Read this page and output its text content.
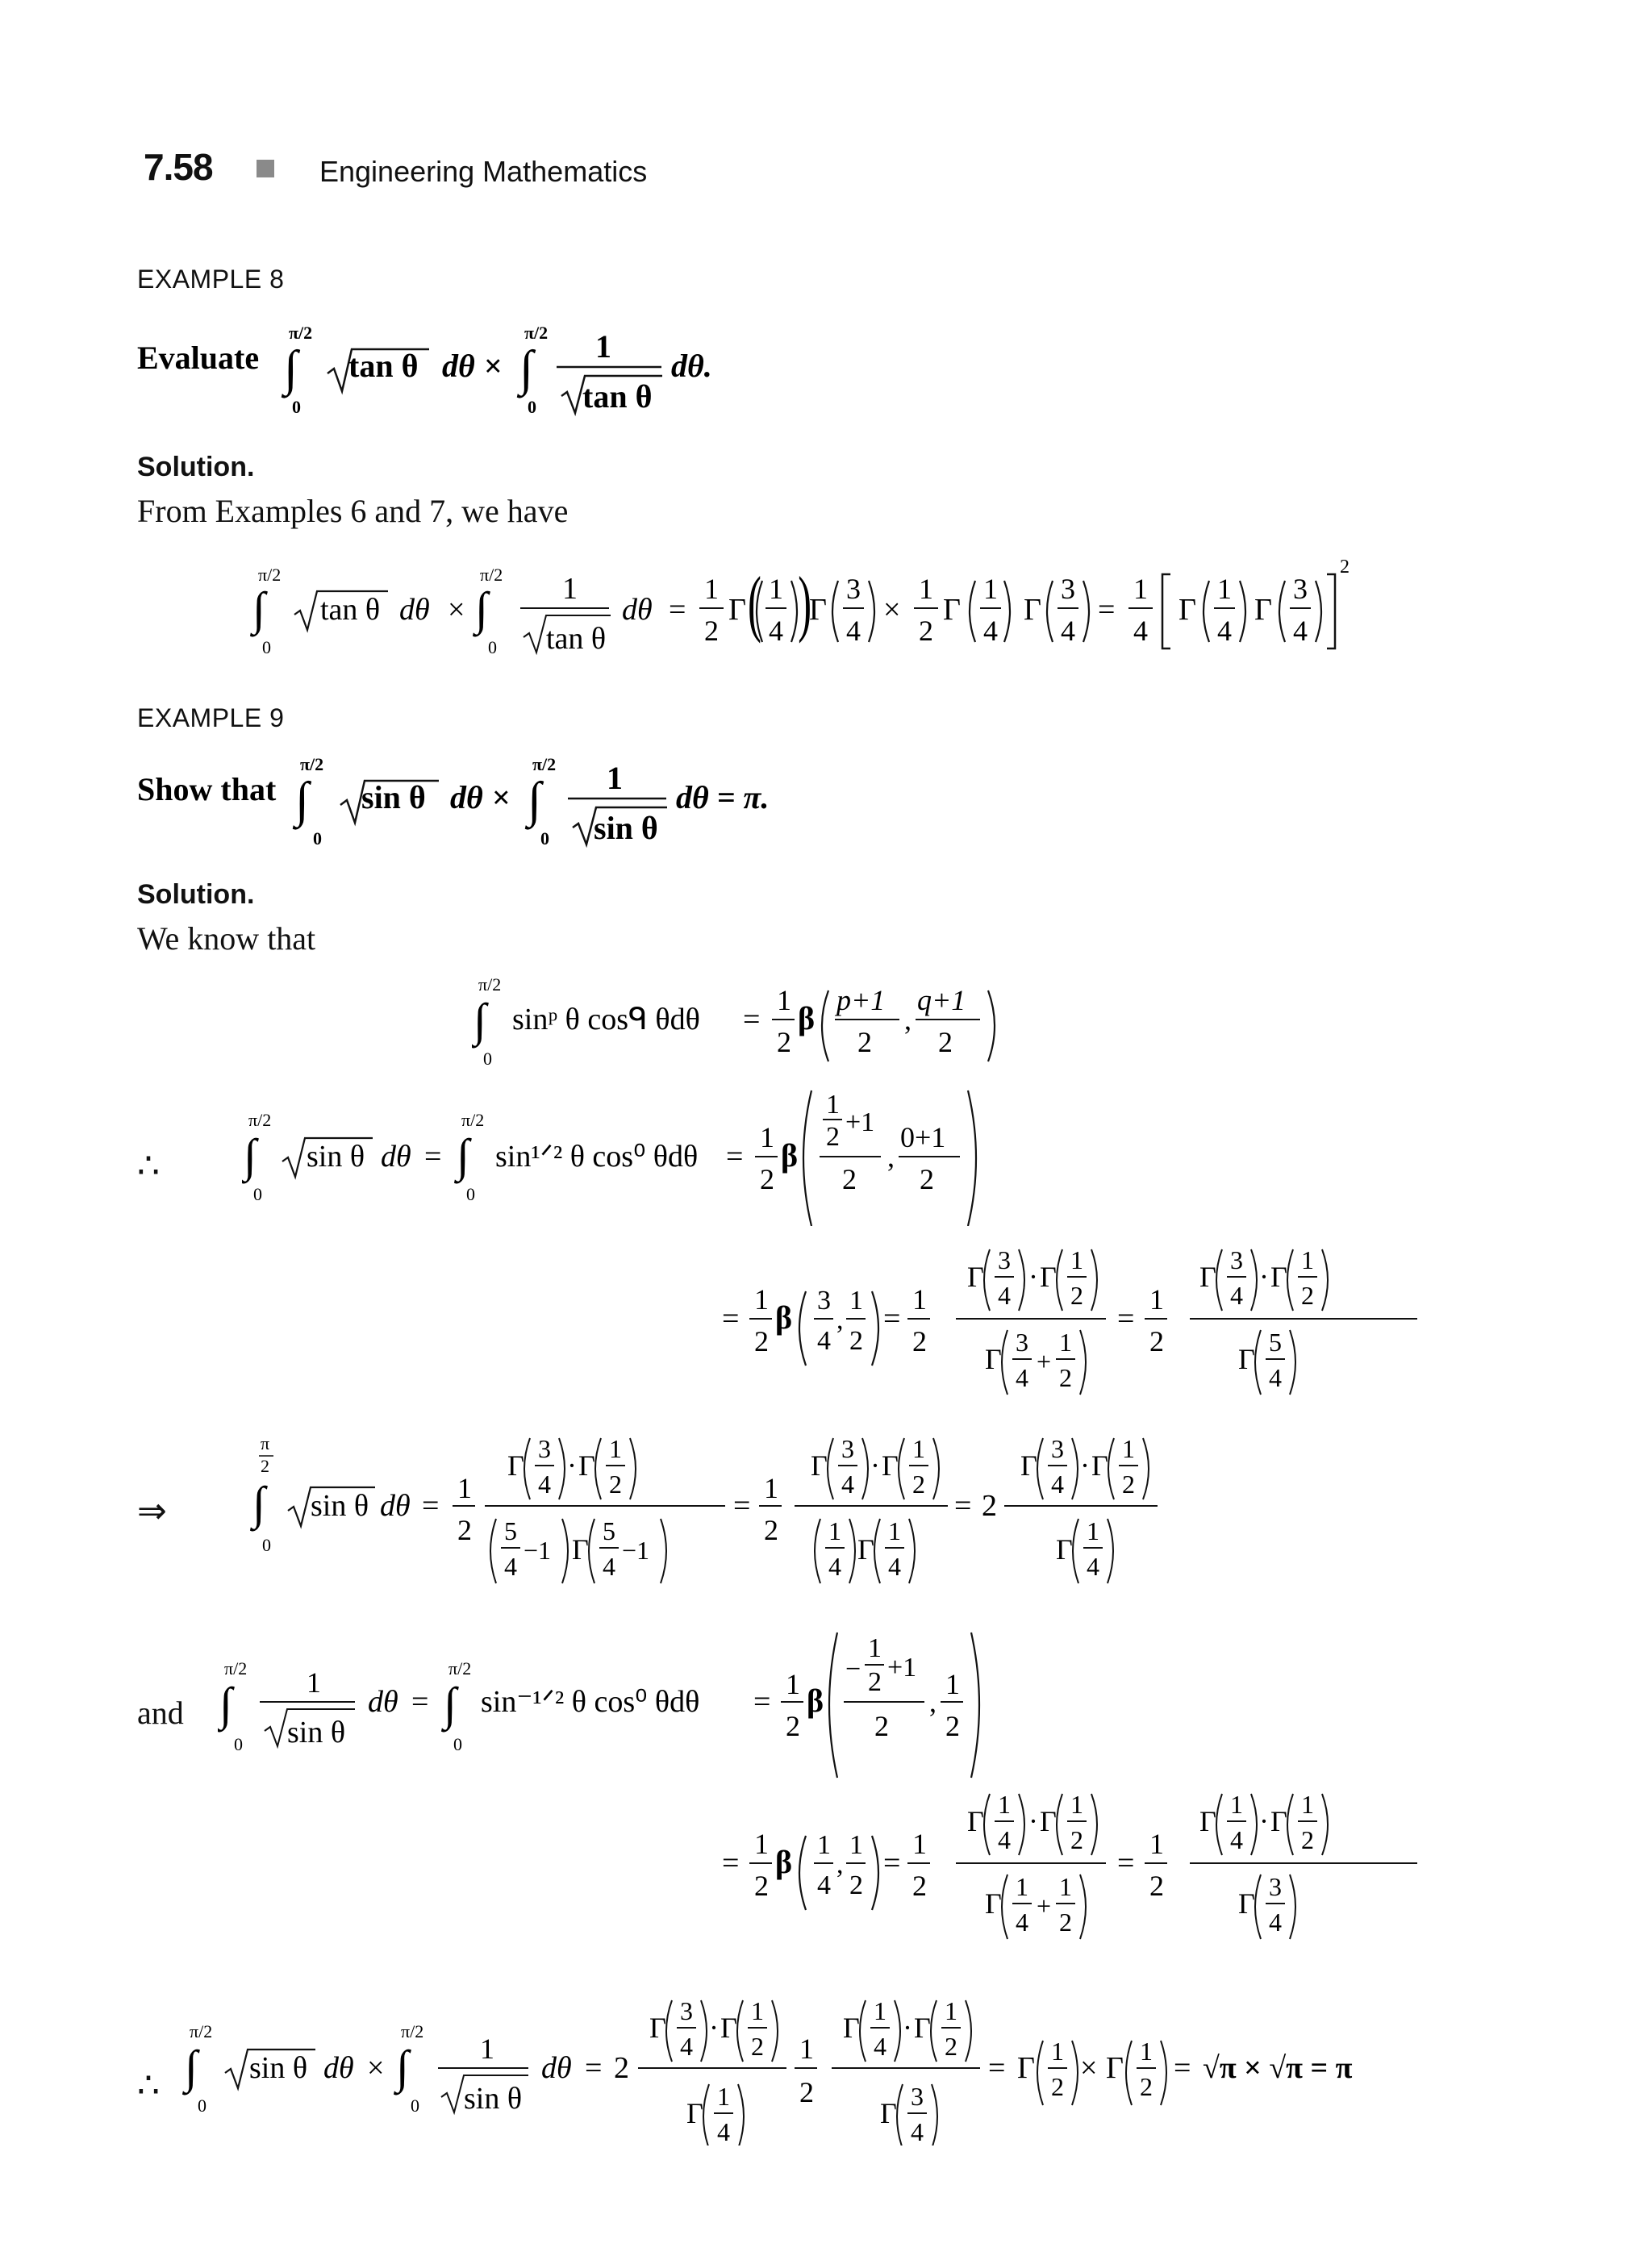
7.58	Engineering Mathematics
EXAMPLE 8
Evaluate
π/2
∫
0
tan θ dθ ×
π/2
∫
0
1
tan θ
dθ.
Solution.
From Examples 6 and 7, we have
π/2
∫
0
tan θ dθ ×
π/2
∫
0
1
tan θ
dθ =
1
2
Γ ( 1
4 )
Γ
3
4
×
1
2
Γ
1
4
Γ
3
4
=
1
4
Γ
1
4
Γ
3
4
2
EXAMPLE 9
Show that
π/2
∫
0
sin θ dθ ×
π/2
∫
0
1
sin θ
dθ = π.
Solution.
We know that
π/2
∫
0
sinᵖ θ cosᑫ θdθ =
1
2
β p+1
2
,
q+1
2
∴
π/2
∫
0
sin θ dθ =
π/2
∫
0
sin¹ᐟ² θ cos⁰ θdθ =
1
2
β
1
2 +1
2
,
0+1
2
=
1
2
β 3
4
,
1
2
=
1
2
Γ
3
4
· Γ
1
2
Γ
3
4
+
1
2
=
1
2
Γ
3
4
· Γ
1
2
Γ
5
4
⇒
π
2
∫
0
sin θ dθ =
1
2
Γ
3
4
· Γ
1
2
5
4
−1 Γ
5
4
−1
=
1
2
Γ
3
4
· Γ
1
2
1
4
Γ
1
4
= 2
Γ
3
4
· Γ
1
2
Γ
1
4
and
π/2
∫
0
1
sin θ
dθ =
π/2
∫
0
sin⁻¹ᐟ² θ cos⁰ θdθ =
1
2
β
−
1
2 +1
2
,
1
2
=
1
2
β 1
4
,
1
2
=
1
2
Γ
1
4
· Γ
1
2
Γ
1
4
+
1
2
=
1
2
Γ
1
4
· Γ
1
2
Γ
3
4
∴
π/2
∫
0
sin θ dθ ×
π/2
∫
0
1
sin θ
dθ = 2
Γ
3
4
· Γ
1
2
Γ
1
4
1
2
Γ
1
4
· Γ
1
2
Γ
3
4
= Γ 1
2
× Γ 1
2
= √π × √π = π
